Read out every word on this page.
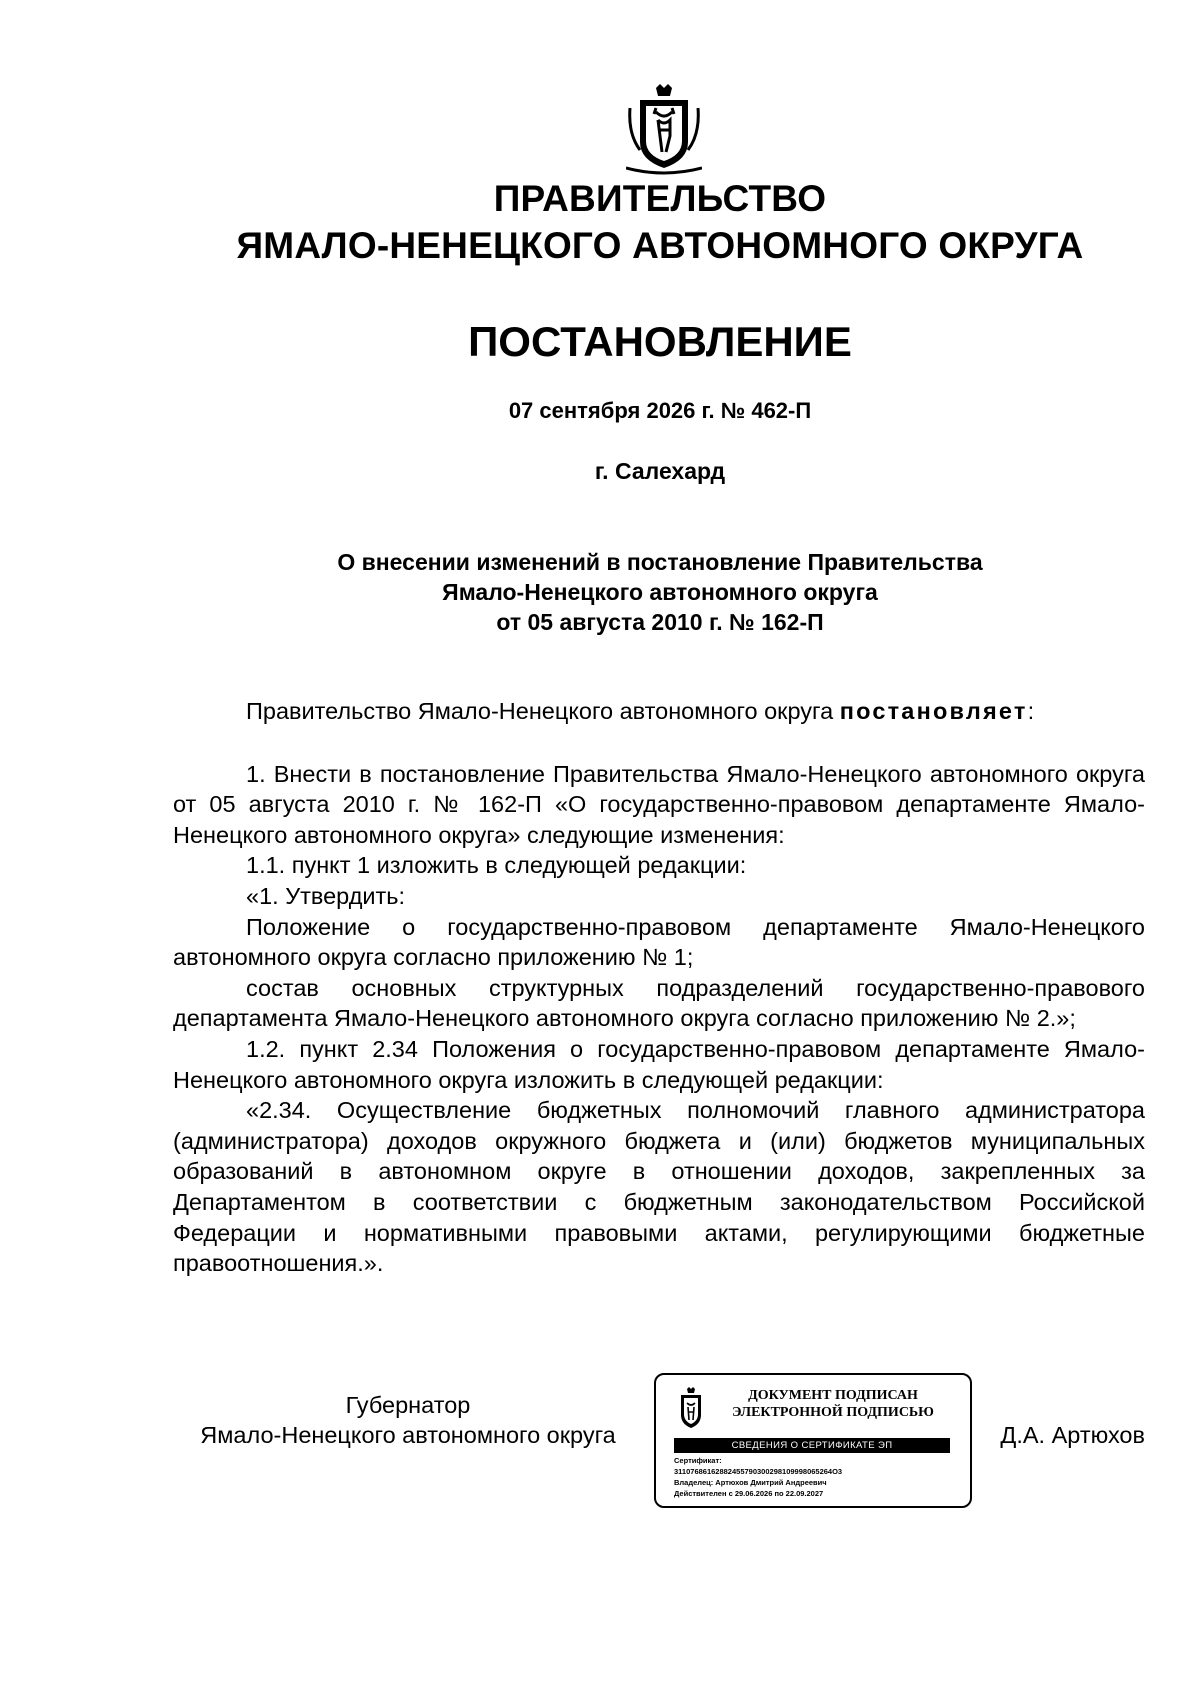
ПРАВИТЕЛЬСТВО
ЯМАЛО-НЕНЕЦКОГО АВТОНОМНОГО ОКРУГА
ПОСТАНОВЛЕНИЕ
07 сентября 2026 г. № 462-П
г. Салехард
О внесении изменений в постановление Правительства
Ямало-Ненецкого автономного округа
от 05 августа 2010 г. № 162-П

Правительство Ямало-Ненецкого автономного округа постановляет:

1. Внести в постановление Правительства Ямало-Ненецкого автономного округа от 05 августа 2010 г. № 162-П «О государственно-правовом департаменте Ямало-Ненецкого автономного округа» следующие изменения:

1.1. пункт 1 изложить в следующей редакции:

«1. Утвердить:

Положение о государственно-правовом департаменте Ямало-Ненецкого автономного округа согласно приложению № 1;

состав основных структурных подразделений государственно-правового департамента Ямало-Ненецкого автономного округа согласно приложению № 2.»;

1.2. пункт 2.34 Положения о государственно-правовом департаменте Ямало-Ненецкого автономного округа изложить в следующей редакции:

«2.34. Осуществление бюджетных полномочий главного администратора (администратора) доходов окружного бюджета и (или) бюджетов муниципальных образований в автономном округе в отношении доходов, закрепленных за Департаментом в соответствии с бюджетным законодательством Российской Федерации и нормативными правовыми актами, регулирующими бюджетные правоотношения.».

Губернатор
Ямало-Ненецкого автономного округа	Д.А. Артюхов
ДОКУМЕНТ ПОДПИСАН
ЭЛЕКТРОННОЙ ПОДПИСЬЮ
СВЕДЕНИЯ О СЕРТИФИКАТЕ ЭП
Сертификат:
31107686162882455790300298109998065264O3
Владелец: Артюхов Дмитрий Андреевич
Действителен с 29.06.2026 по 22.09.2027
